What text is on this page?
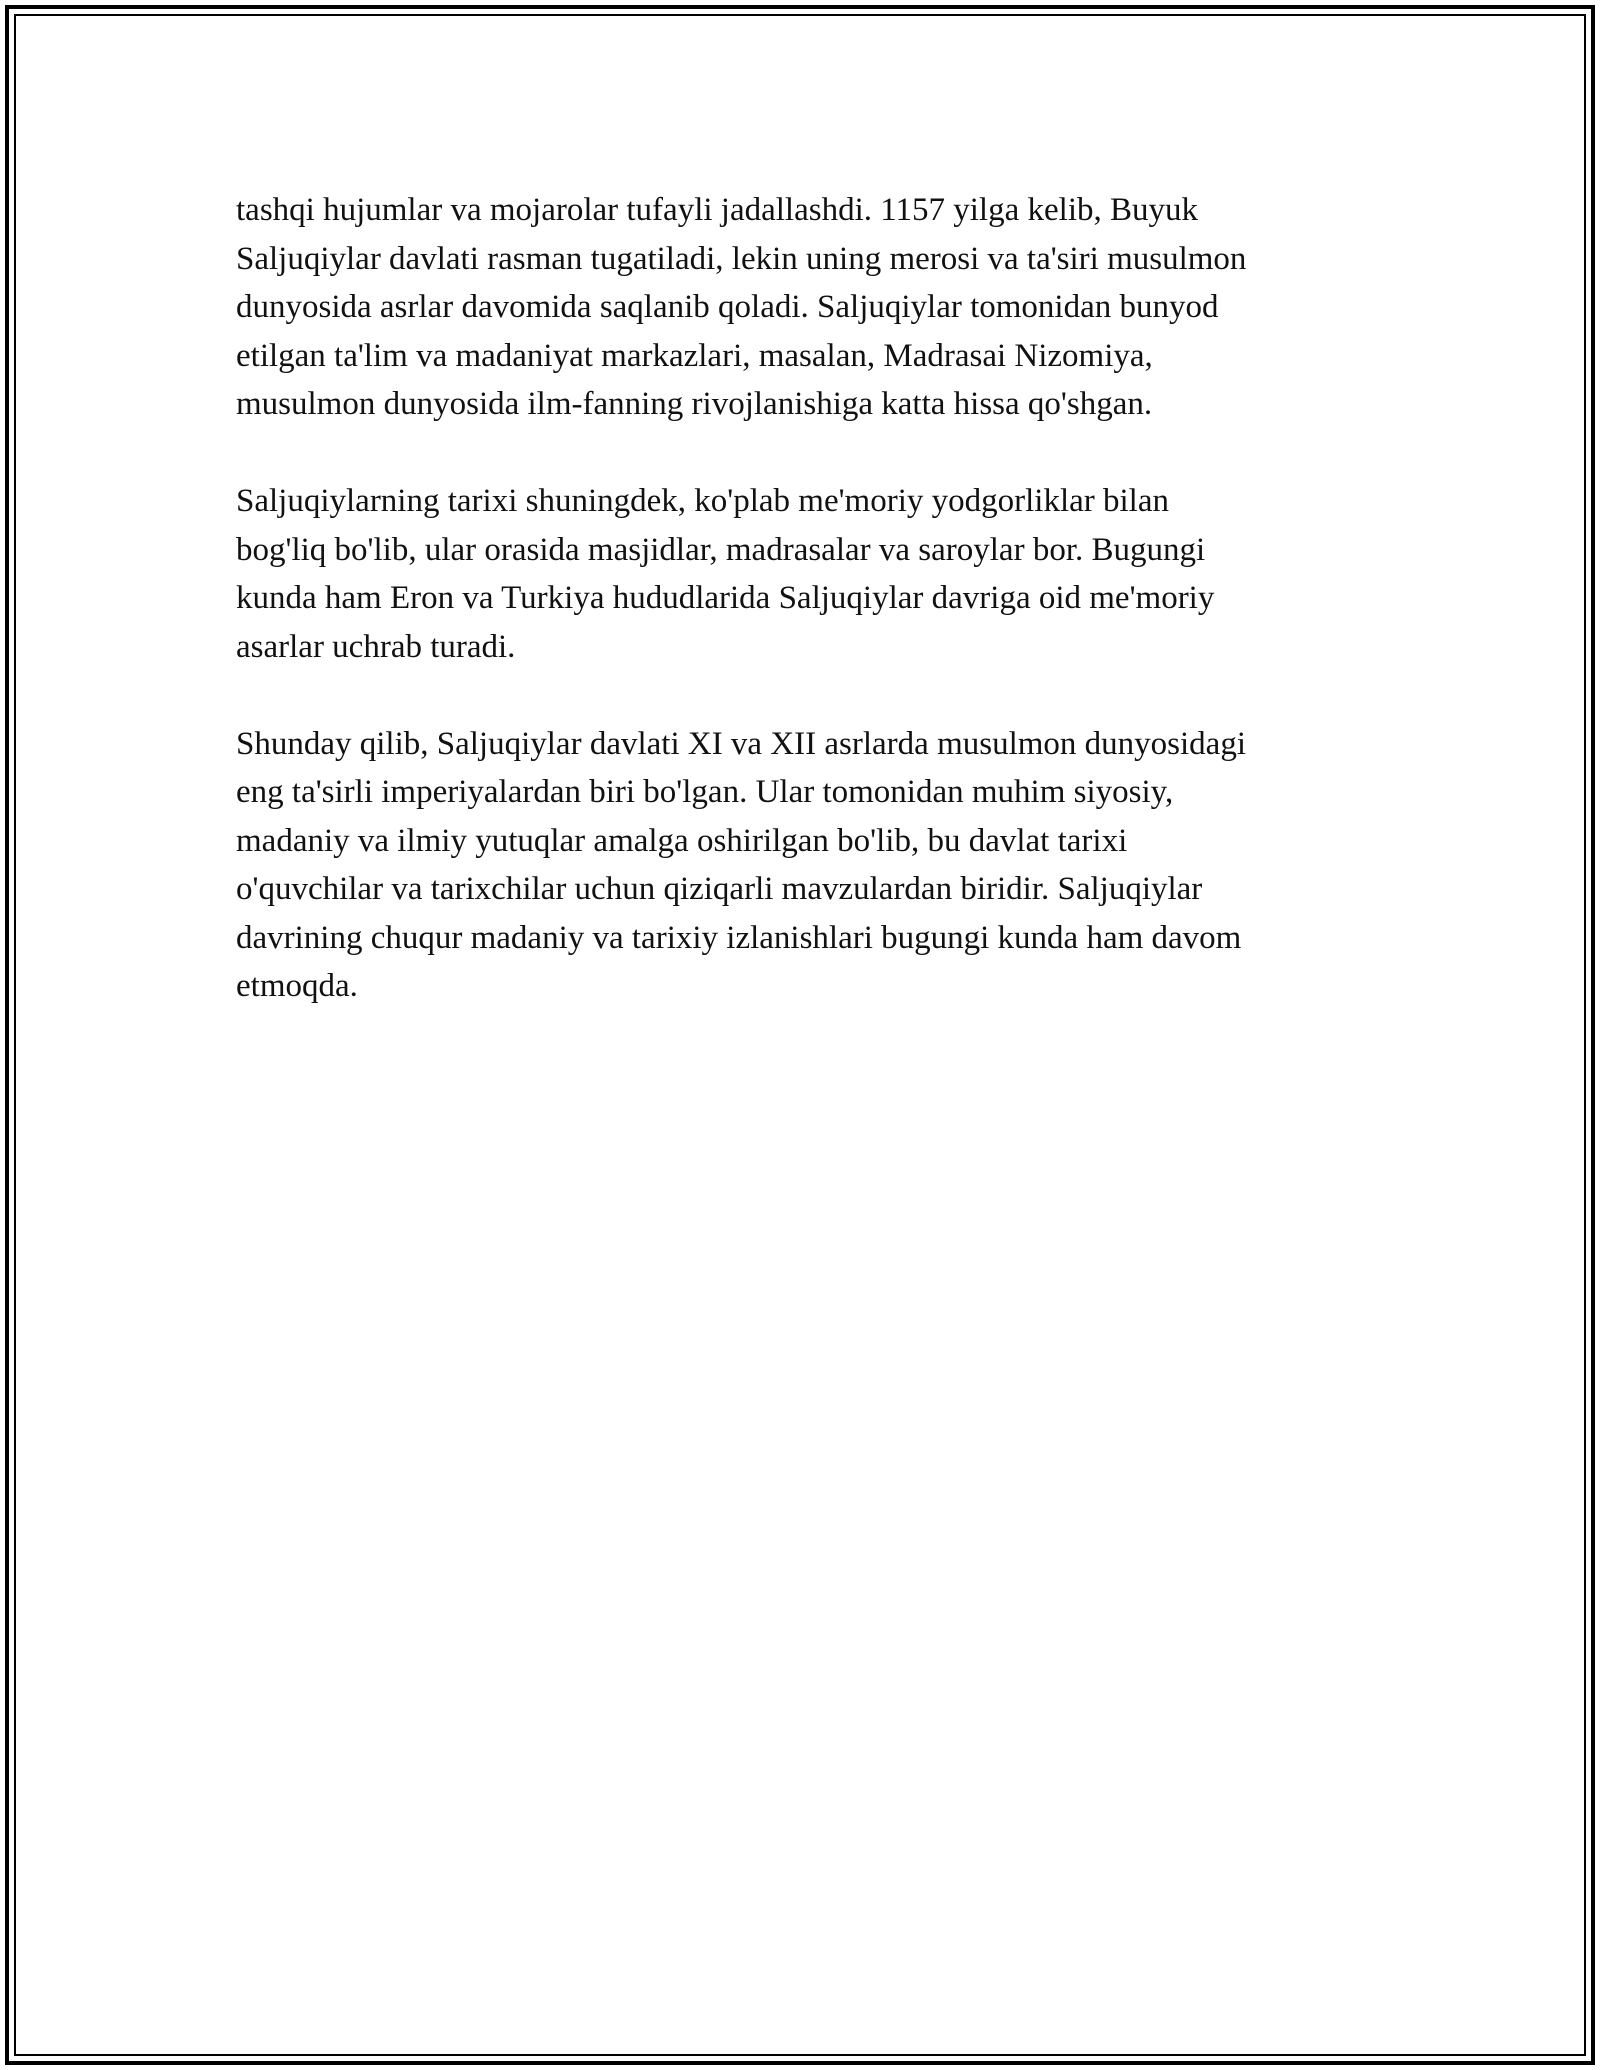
tashqi hujumlar va mojarolar tufayli jadallashdi. 1157 yilga kelib, Buyuk
Saljuqiylar davlati rasman tugatiladi, lekin uning merosi va ta'siri musulmon
dunyosida asrlar davomida saqlanib qoladi. Saljuqiylar tomonidan bunyod
etilgan ta'lim va madaniyat markazlari, masalan, Madrasai Nizomiya,
musulmon dunyosida ilm-fanning rivojlanishiga katta hissa qo'shgan.

Saljuqiylarning tarixi shuningdek, ko'plab me'moriy yodgorliklar bilan
bog'liq bo'lib, ular orasida masjidlar, madrasalar va saroylar bor. Bugungi
kunda ham Eron va Turkiya hududlarida Saljuqiylar davriga oid me'moriy
asarlar uchrab turadi.

Shunday qilib, Saljuqiylar davlati XI va XII asrlarda musulmon dunyosidagi
eng ta'sirli imperiyalardan biri bo'lgan. Ular tomonidan muhim siyosiy,
madaniy va ilmiy yutuqlar amalga oshirilgan bo'lib, bu davlat tarixi
o'quvchilar va tarixchilar uchun qiziqarli mavzulardan biridir. Saljuqiylar
davrining chuqur madaniy va tarixiy izlanishlari bugungi kunda ham davom
etmoqda.
